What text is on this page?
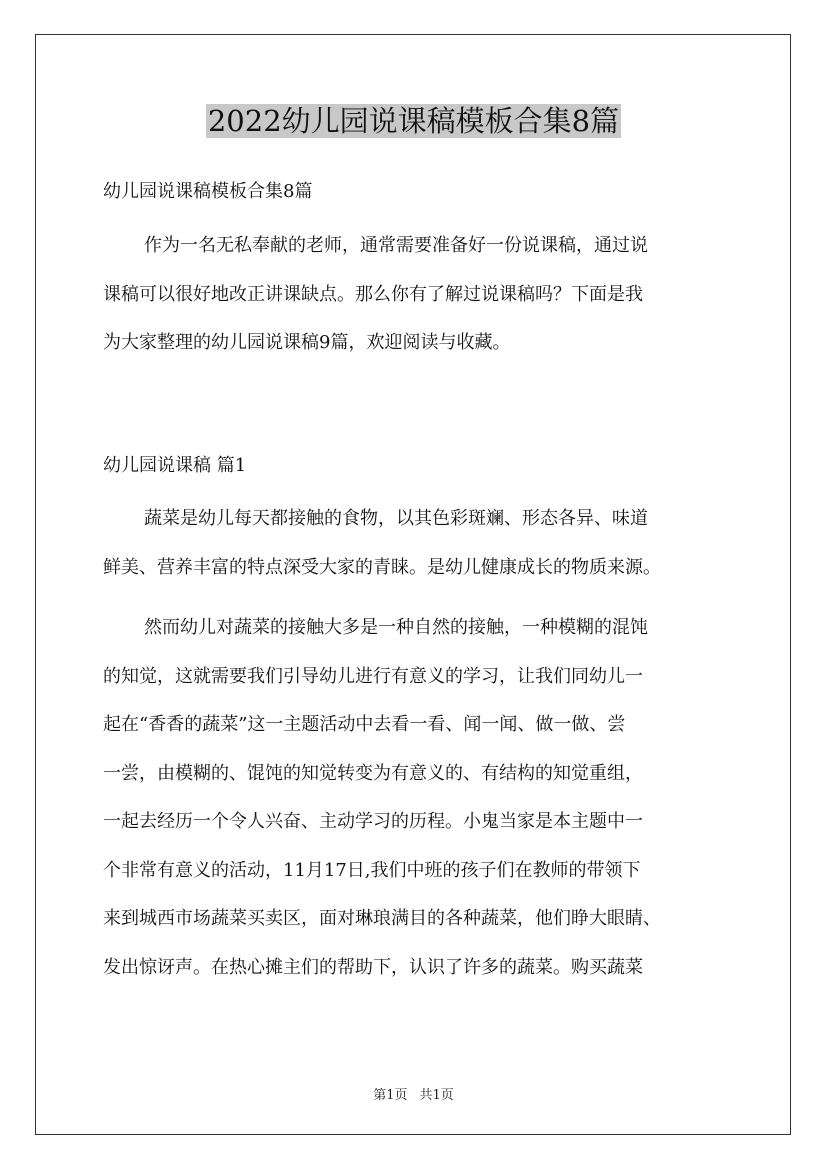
2022幼儿园说课稿模板合集8篇
幼儿园说课稿模板合集8篇
作为一名无私奉献的老师，通常需要准备好一份说课稿，通过说
课稿可以很好地改正讲课缺点。那么你有了解过说课稿吗？下面是我
为大家整理的幼儿园说课稿9篇，欢迎阅读与收藏。
幼儿园说课稿 篇1
蔬菜是幼儿每天都接触的食物，以其色彩斑斓、形态各异、味道
鲜美、营养丰富的特点深受大家的青睐。是幼儿健康成长的物质来源。
然而幼儿对蔬菜的接触大多是一种自然的接触，一种模糊的混饨
的知觉，这就需要我们引导幼儿进行有意义的学习，让我们同幼儿一
起在“香香的蔬菜”这一主题活动中去看一看、闻一闻、做一做、尝
一尝，由模糊的、馄饨的知觉转变为有意义的、有结构的知觉重组，
一起去经历一个令人兴奋、主动学习的历程。小鬼当家是本主题中一
个非常有意义的活动，11月17日,我们中班的孩子们在教师的带领下
来到城西市场蔬菜买卖区，面对琳琅满目的各种蔬菜，他们睁大眼睛、
发出惊讶声。在热心摊主们的帮助下，认识了许多的蔬菜。购买蔬菜
第1页 共1页
